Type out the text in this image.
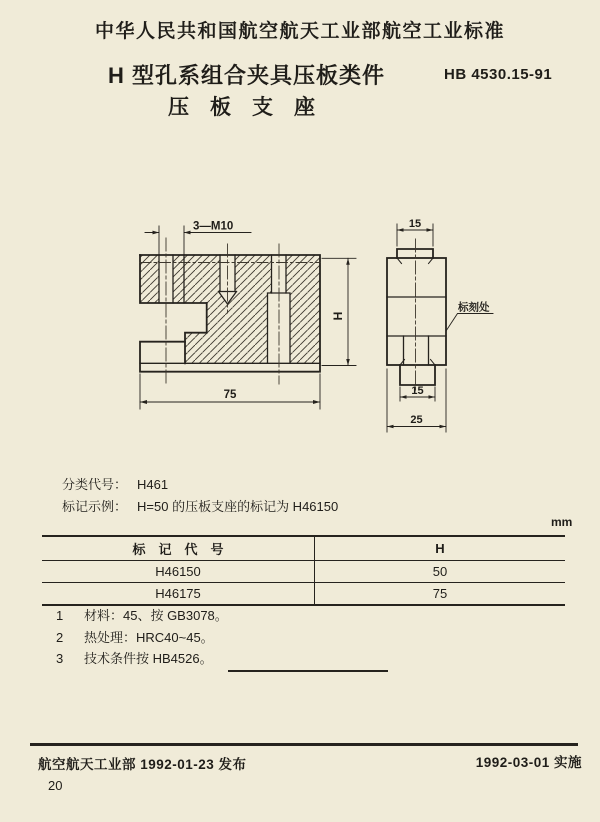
中华人民共和国航空航天工业部航空工业标准
H 型孔系组合夹具压板类件	HB 4530.15-91
压　板　支　座
3—M10
H
75
15
15
25
标刻处
分类代号： H461
标记示例： H=50 的压板支座的标记为 H46150
mm
标　记　代　号	H
H46150	50
H46175	75
1	材料：45、按 GB3078。
2	热处理：HRC40~45。
3	技术条件按 HB4526。
航空航天工业部 1992-01-23 发布	1992-03-01 实施
20
